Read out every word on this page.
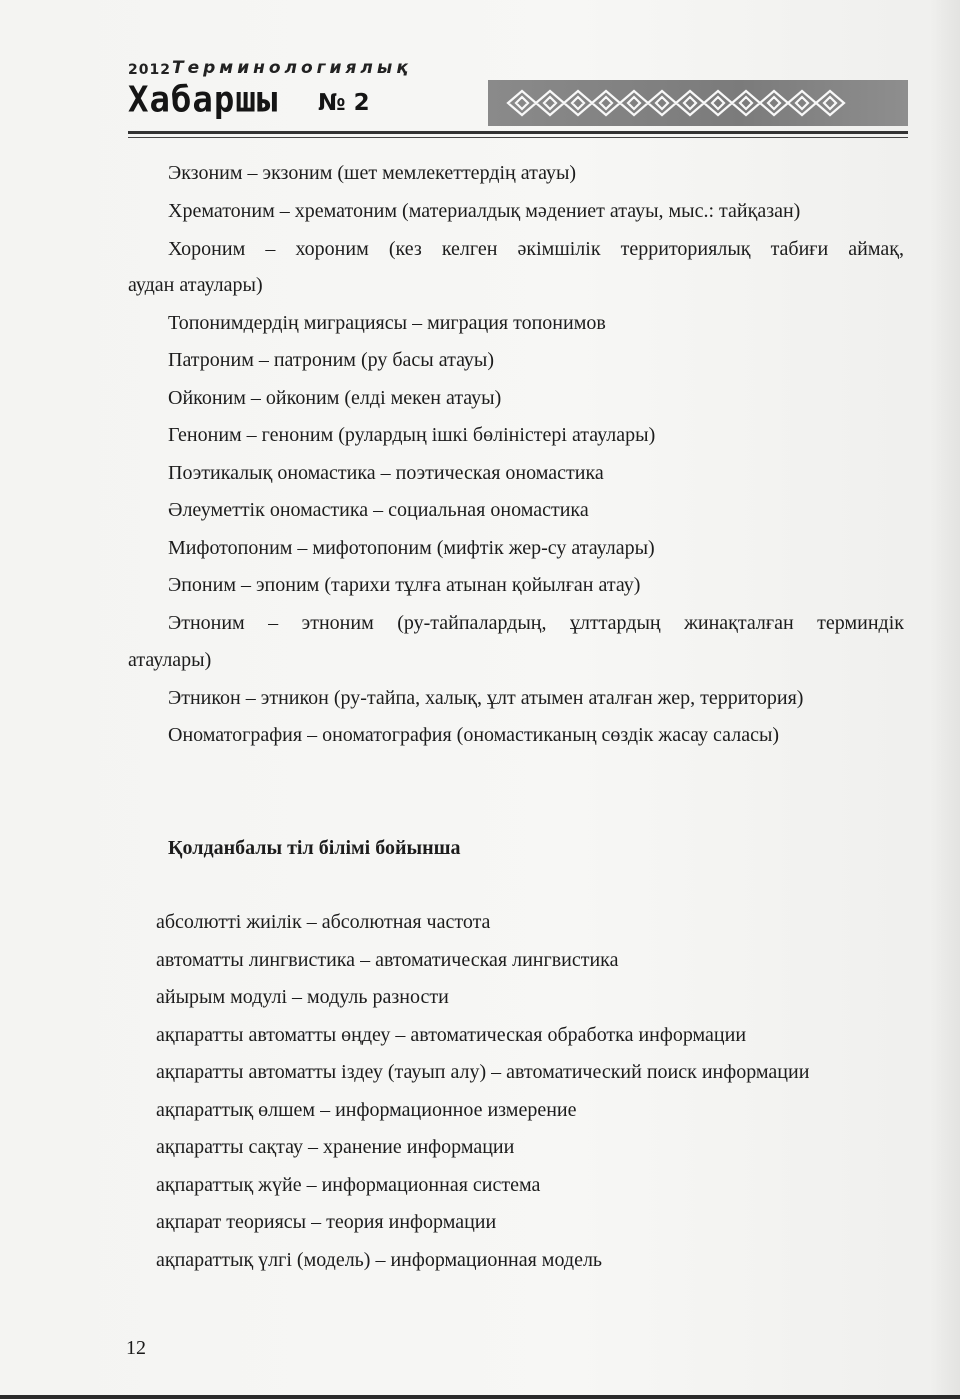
2012 Терминологиялық
Хабаршы № 2
Экзоним – экзоним (шет мемлекеттердің атауы)
Хрематоним – хрематоним (материалдық мәдениет атауы, мыс.: тайқазан)
Хороним – хороним (кез келген әкімшілік территориялық табиғи аймақ,
аудан атаулары)
Топонимдердің миграциясы – миграция топонимов
Патроним – патроним (ру басы атауы)
Ойконим – ойконим (елді мекен атауы)
Геноним – геноним (рулардың ішкі бөліністері атаулары)
Поэтикалық ономастика – поэтическая ономастика
Әлеуметтік ономастика – социальная ономастика
Мифотопоним – мифотопоним (мифтік жер-су атаулары)
Эпоним – эпоним (тарихи тұлға атынан қойылған атау)
Этноним – этноним (ру-тайпалардың, ұлттардың жинақталған терминдік
атаулары)
Этникон – этникон (ру-тайпа, халық, ұлт атымен аталған жер, территория)
Ономатография – ономатография (ономастиканың сөздік жасау саласы)
Қолданбалы тіл білімі бойынша
абсолютті жиілік – абсолютная частота
автоматты лингвистика – автоматическая лингвистика
айырым модулі – модуль разности
ақпаратты автоматты өңдеу – автоматическая обработка информации
ақпаратты автоматты іздеу (тауып алу) – автоматический поиск информации
ақпараттық өлшем – информационное измерение
ақпаратты сақтау – хранение информации
ақпараттық жүйе – информационная система
ақпарат теориясы – теория информации
ақпараттық үлгі (модель) – информационная модель
12
